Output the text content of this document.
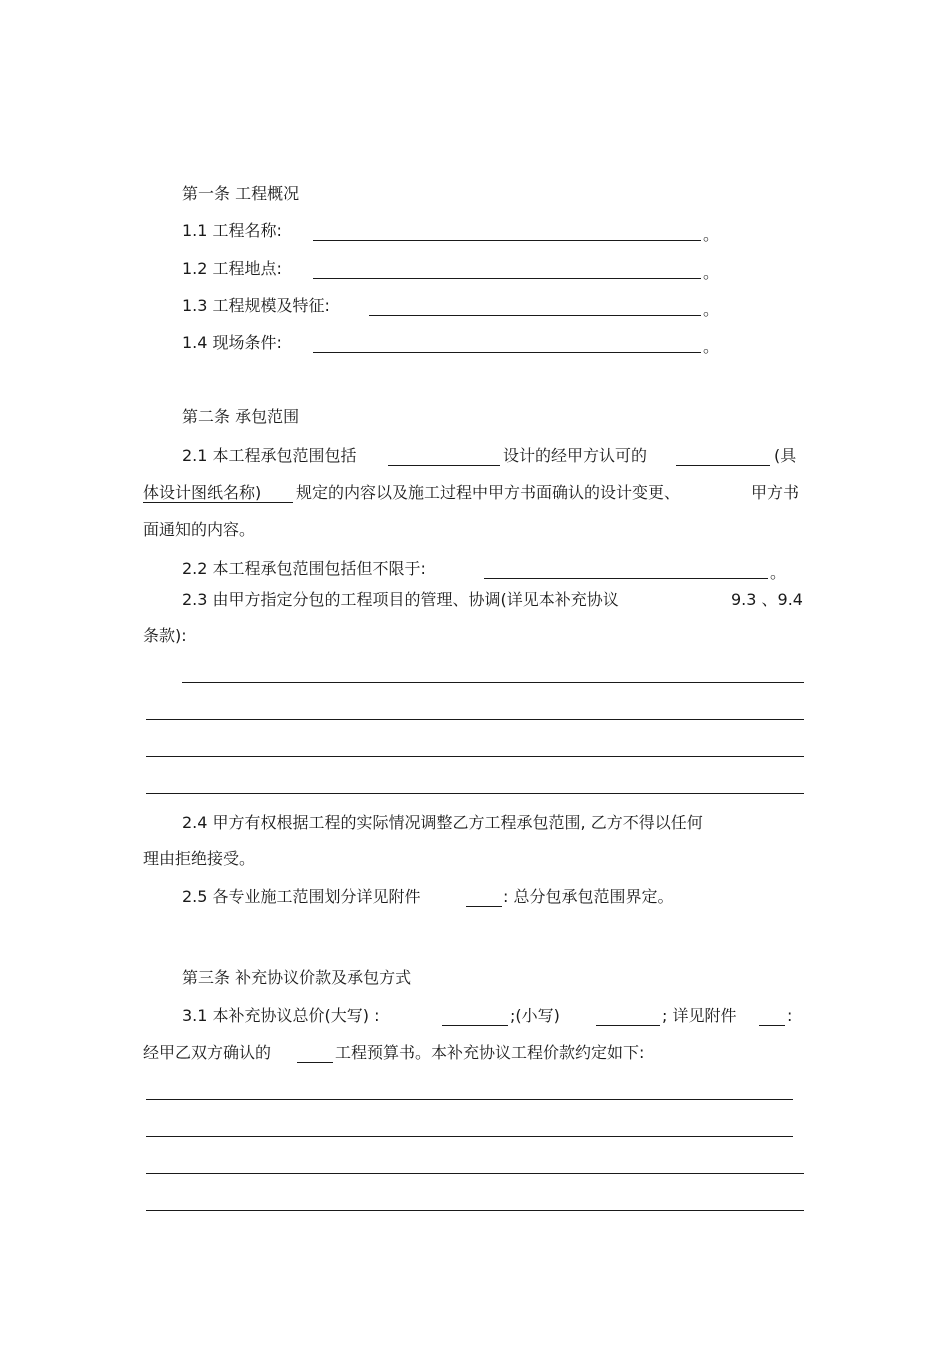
第一条 工程概况
1.1 工程名称:	。
1.2 工程地点:	。
1.3 工程规模及特征:	。
1.4 现场条件:	。
第二条 承包范围
2.1 本工程承包范围包括	设计的经甲方认可的	(具
体设计图纸名称) 规定的内容以及施工过程中甲方书面确认的设计变更、	甲方书
面通知的内容。
2.2 本工程承包范围包括但不限于:	。
2.3 由甲方指定分包的工程项目的管理、协调(详见本补充协议	9.3 、9.4
条款):
2.4 甲方有权根据工程的实际情况调整乙方工程承包范围, 乙方不得以任何
理由拒绝接受。
2.5 各专业施工范围划分详见附件	: 总分包承包范围界定。
第三条 补充协议价款及承包方式
3.1 本补充协议总价(大写) :	;(小写)	; 详见附件	:
经甲乙双方确认的	工程预算书。本补充协议工程价款约定如下:
